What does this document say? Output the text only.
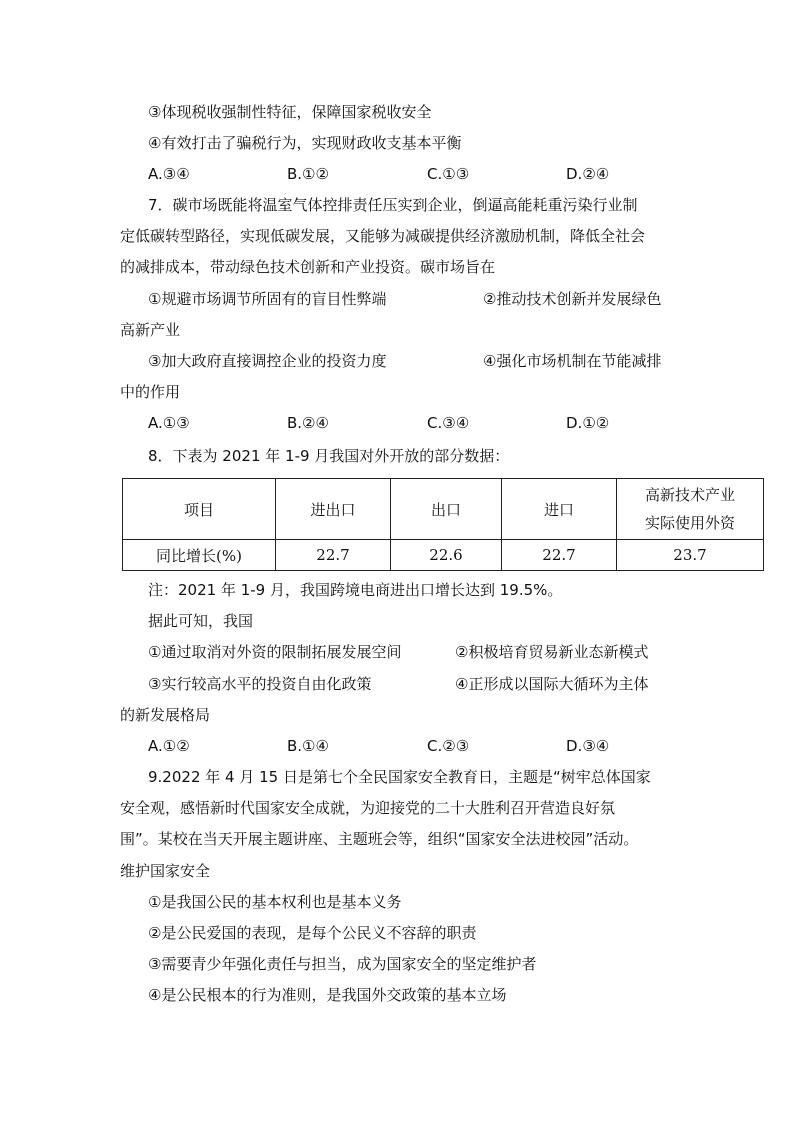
③体现税收强制性特征，保障国家税收安全
④有效打击了骗税行为，实现财政收支基本平衡
A.③④	B.①②	C.①③	D.②④
7．碳市场既能将温室气体控排责任压实到企业，倒逼高能耗重污染行业制
定低碳转型路径，实现低碳发展，又能够为减碳提供经济激励机制，降低全社会
的减排成本，带动绿色技术创新和产业投资。碳市场旨在
①规避市场调节所固有的盲目性弊端	②推动技术创新并发展绿色
高新产业
③加大政府直接调控企业的投资力度	④强化市场机制在节能减排
中的作用
A.①③	B.②④	C.③④	D.①②
8．下表为 2021 年 1-9 月我国对外开放的部分数据：
项目	进出口	出口	进口	高新技术产业
实际使用外资

同比增长(%)	22.7	22.6	22.7	23.7
注：2021 年 1-9 月，我国跨境电商进出口增长达到 19.5%。
据此可知，我国
①通过取消对外资的限制拓展发展空间	②积极培育贸易新业态新模式
③实行较高水平的投资自由化政策	④正形成以国际大循环为主体
的新发展格局
A.①②	B.①④	C.②③	D.③④
9.2022 年 4 月 15 日是第七个全民国家安全教育日，主题是“树牢总体国家
安全观，感悟新时代国家安全成就，为迎接党的二十大胜利召开营造良好氛
围”。某校在当天开展主题讲座、主题班会等，组织“国家安全法进校园”活动。
维护国家安全
①是我国公民的基本权利也是基本义务
②是公民爱国的表现，是每个公民义不容辞的职责
③需要青少年强化责任与担当，成为国家安全的坚定维护者
④是公民根本的行为准则，是我国外交政策的基本立场
